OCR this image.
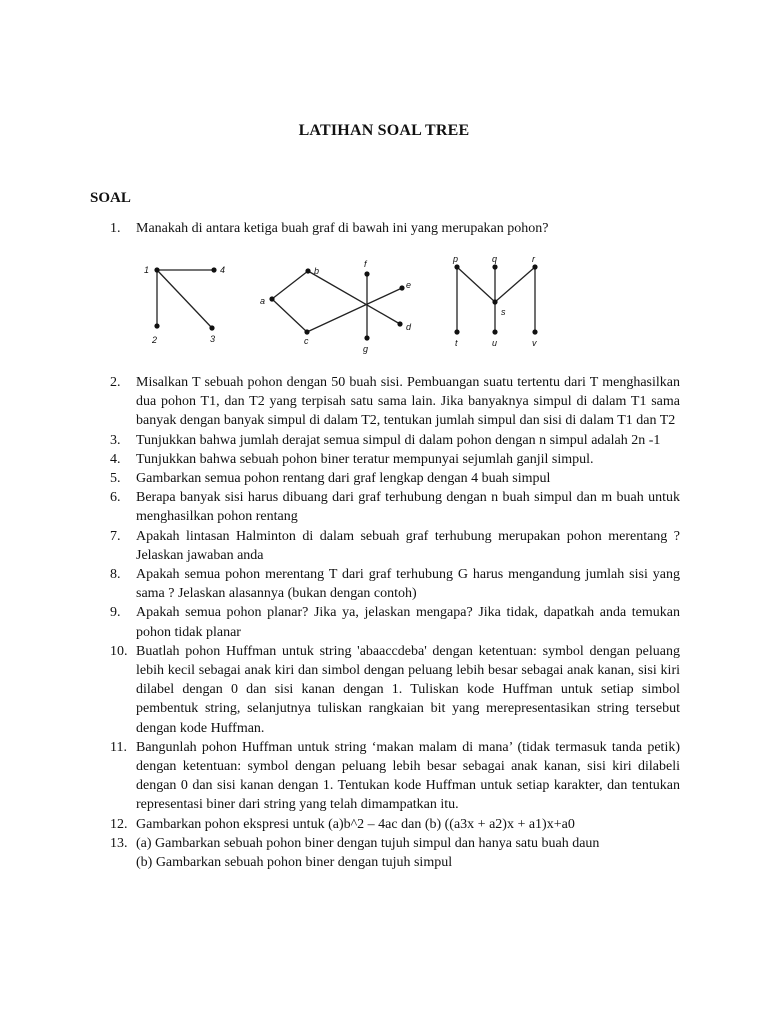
LATIHAN SOAL TREE
SOAL
1. Manakah di antara ketiga buah graf di bawah ini yang merupakan pohon?
1	4
2	3
a
b
c
d
e
f
g
p	q	r
s
t	u	v
2. Misalkan T sebuah pohon dengan 50 buah sisi. Pembuangan suatu tertentu dari T menghasilkan dua pohon T1, dan T2 yang terpisah satu sama lain. Jika banyaknya simpul di dalam T1 sama banyak dengan banyak simpul di dalam T2, tentukan jumlah simpul dan sisi di dalam T1 dan T2
3. Tunjukkan bahwa jumlah derajat semua simpul di dalam pohon dengan n simpul adalah 2n -1
4. Tunjukkan bahwa sebuah pohon biner teratur mempunyai sejumlah ganjil simpul.
5. Gambarkan semua pohon rentang dari graf lengkap dengan 4 buah simpul
6. Berapa banyak sisi harus dibuang dari graf terhubung dengan n buah simpul dan m buah untuk menghasilkan pohon rentang
7. Apakah lintasan Halminton di dalam sebuah graf terhubung merupakan pohon merentang ? Jelaskan jawaban anda
8. Apakah semua pohon merentang T dari graf terhubung G harus mengandung jumlah sisi yang sama ? Jelaskan alasannya (bukan dengan contoh)
9. Apakah semua pohon planar? Jika ya, jelaskan mengapa? Jika tidak, dapatkah anda temukan pohon tidak planar
10. Buatlah pohon Huffman untuk string 'abaaccdeba' dengan ketentuan: symbol dengan peluang lebih kecil sebagai anak kiri dan simbol dengan peluang lebih besar sebagai anak kanan, sisi kiri dilabel dengan 0 dan sisi kanan dengan 1. Tuliskan kode Huffman untuk setiap simbol pembentuk string, selanjutnya tuliskan rangkaian bit yang merepresentasikan string tersebut dengan kode Huffman.
11. Bangunlah pohon Huffman untuk string ‘makan malam di mana’ (tidak termasuk tanda petik) dengan ketentuan: symbol dengan peluang lebih besar sebagai anak kanan, sisi kiri dilabeli dengan 0 dan sisi kanan dengan 1. Tentukan kode Huffman untuk setiap karakter, dan tentukan representasi biner dari string yang telah dimampatkan itu.
12. Gambarkan pohon ekspresi untuk (a)b^2 – 4ac dan (b) ((a3x + a2)x + a1)x+a0
13. (a) Gambarkan sebuah pohon biner dengan tujuh simpul dan hanya satu buah daun
(b) Gambarkan sebuah pohon biner dengan tujuh simpul
